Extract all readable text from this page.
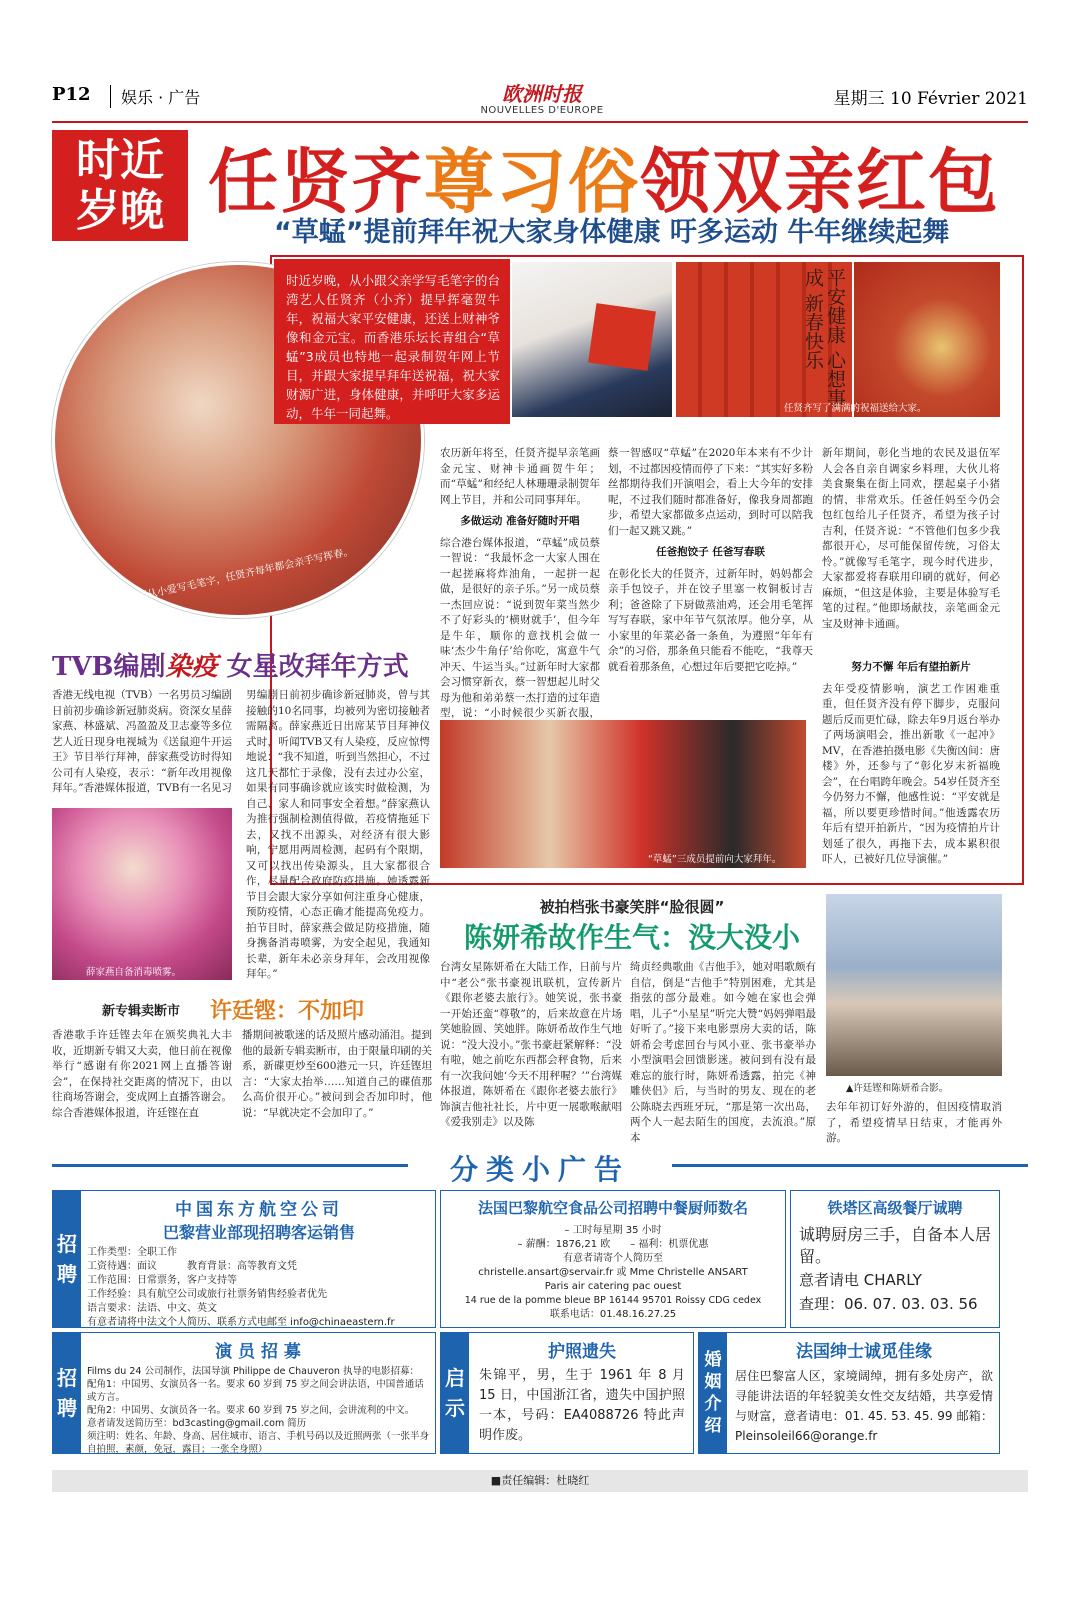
P12	娱乐 · 广告	欧洲时报
NOUVELLES D'EUROPE
星期三 10 Février 2021
时近
岁晚 任贤齐尊习俗领双亲红包
“草蜢”提前拜年祝大家身体健康 吁多运动 牛年继续起舞
因从小爱写毛笔字，任贤齐每年都会亲手写挥春。
时近岁晚，从小跟父亲学写毛笔字的台湾艺人任贤齐（小齐）提早挥毫贺牛年，祝福大家平安健康，还送上财神爷像和金元宝。而香港乐坛长青组合“草蜢”3成员也特地一起录制贺年网上节目，并跟大家提早拜年送祝福，祝大家财源广进，身体健康，并呼吁大家多运动，牛年一同起舞。
平安健康 心想事成 新春快乐
任贤齐写了满满的祝福送给大家。

农历新年将至，任贤齐提早亲笔画金元宝、财神卡通画贺牛年；而“草蜢”和经纪人林珊珊录制贺年网上节目，并和公司同事拜年。

多做运动 准备好随时开唱

综合港台媒体报道，“草蜢”成员蔡一智说：“我最怀念一大家人围在一起搓麻将炸油角，一起拼一起做，是很好的亲子乐。”另一成员蔡一杰回应说：“说到贺年菜当然少不了好彩头的‘横财就手’，但今年是牛年，顺你的意找机会做一味‘杰少牛角仔’给你吃，寓意牛气冲天、牛运当头。”过新年时大家都会习惯穿新衣，蔡一智想起儿时父母为他和弟弟蔡一杰打造的过年造型，说：“小时候很少买新衣服，

蔡一智感叹“草蜢”在2020年本来有不少计划，不过都因疫情而停了下来：“其实好多粉丝都期待我们开演唱会，看上大今年的安排呢，不过我们随时都准备好，像我身周都跑步，希望大家都做多点运动，到时可以陪我们一起又跳又跳。”

任爸抱饺子 任爸写春联

在彰化长大的任贤齐，过新年时，妈妈都会亲手包饺子，并在饺子里塞一枚铜板讨吉利；爸爸除了下厨做蒸油鸡，还会用毛笔挥写写春联，家中年节气氛浓厚。他分享，从小家里的年菜必备一条鱼，为遵照“年年有余”的习俗，那条鱼只能看不能吃，“我尊天就看着那条鱼，心想过年后要把它吃掉。”

新年期间，彰化当地的农民及退伍军人会各自亲自调家乡料理，大伙儿将美食聚集在街上同欢，摆起桌子小猪的情，非常欢乐。任爸任妈至今仍会包红包给儿子任贤齐，希望为孩子讨吉利，任贤齐说：“不管他们包多少我都很开心，尽可能保留传统，习俗太怜。”就像写毛笔字，现今时代进步，大家都爱将春联用印刷的就好，何必麻烦，“但这是体验，主要是体验写毛笔的过程。”他即场献技，亲笔画金元宝及财神卡通画。

努力不懈 年后有望拍新片

去年受疫情影响，演艺工作困难重重，但任贤齐没有停下脚步，克服问题后反而更忙碌，除去年9月返台举办了两场演唱会，推出新歌《一起冲》MV，在香港拍摄电影《失衡凶间：唐楼》外，还参与了“彰化岁末祈福晚会”，在台唱跨年晚会。54岁任贤齐至今仍努力不懈，他感性说：“平安就是福，所以要更珍惜时间。”他透露农历年后有望开拍新片，“因为疫情拍片计划延了很久，再拖下去，成本累积很吓人，已被好几位导演催。”

“草蜢”三成员提前向大家拜年。
TVB编剧染疫 女星改拜年方式

香港无线电视（TVB）一名男员习编剧日前初步确诊新冠肺炎病。资深女星薛家燕、林盛斌、冯盈盈及卫志豪等多位艺人近日现身电视城为《送鼠迎牛开运王》节目举行拜神，薛家燕受访时得知公司有人染疫，表示：“新年改用视像拜年。”香港媒体报道，TVB有一名见习

男编剧日前初步确诊新冠肺炎，曾与其接触的10名同事，均被列为密切接触者需隔离。薛家燕近日出席某节目拜神仪式时，听闻TVB又有人染疫，反应惊愕地说：“我不知道，听到当然担心，不过这几天都忙于录像，没有去过办公室，如果有同事确诊就应该实时做检测，为自己、家人和同事安全着想。”薛家燕认为推行强制检测值得做，若疫情拖延下去，又找不出源头，对经济有很大影响，宁愿用两周检测，起码有个限期，又可以找出传染源头，且大家都很合作，尽量配合政府防疫措施。她透露新节目会跟大家分享如何注重身心健康，预防疫情，心态正确才能提高免疫力。拍节目时，薛家燕会做足防疫措施，随身携备消毒喷雾，为安全起见，我通知长辈，新年未必亲身拜年，会改用视像拜年。”

薛家燕自备消毒喷雾。
新专辑卖断市 许廷铿：不加印

香港歌手许廷铿去年在颁奖典礼大丰收，近期新专辑又大卖，他日前在视像举行“感谢有你2021网上直播答谢会”，在保持社交距离的情况下，由以往商场答谢会，变成网上直播答谢会。综合香港媒体报道，许廷铿在直

播期间被歌迷的话及照片感动涌泪。提到他的最新专辑卖断市，由于限量印刷的关系，新碟更炒至600港元一只，许廷铿坦言：“大家太抬举……知道自己的碟值那么高价很开心。”被问到会否加印时，他说：“早就决定不会加印了。”

被拍档张书豪笑胖“脸很圆”
陈妍希故作生气：没大没小

台湾女星陈妍希在大陆工作，日前与片中“老公”张书豪视讯联机，宣传新片《跟你老婆去旅行》。她笑说，张书豪一开始还蛮“尊敬”的，后来故意在片场笑她脸圆、笑她胖。陈妍希故作生气地说：“没大没小。”张书豪赶紧解释：“没有啦，她之前吃东西都会秤食物，后来有一次我问她‘今天不用秤喔？’”台湾媒体报道，陈妍希在《跟你老婆去旅行》饰演吉他社社长，片中更一展歌喉献唱《爱我别走》以及陈

绮贞经典歌曲《吉他手》，她对唱歌颇有自信，倒是“吉他手”特别困难，尤其是指弦的部分最难。如今她在家也会弹唱，儿子“小星星”听完大赞“妈妈弹唱最好听了。”接下来电影票房大卖的话，陈妍希会考虑回台与风小亚、张书豪举办小型演唱会回馈影迷。被问到有没有最难忘的旅行时，陈妍希透露，拍完《神雕侠侣》后，与当时的男友、现在的老公陈晓去西班牙玩，“那是第一次出岛，两个人一起去陌生的国度，去流浪。”原本

▲许廷铿和陈妍希合影。

去年年初订好外游的，但因疫情取消了，希望疫情早日结束，才能再外游。

分类小广告
招
聘
中国东方航空公司
巴黎营业部现招聘客运销售
工作类型：全职工作
工资待遇：面议　　　教育背景：高等教育文凭
工作范围：日常票务，客户支持等
工作经验：具有航空公司或旅行社票务销售经验者优先
语言要求：法语、中文、英文
有意者请将中法文个人简历、联系方式电邮至 info@chinaeastern.fr
法国巴黎航空食品公司招聘中餐厨师数名
– 工时每星期 35 小时
– 薪酬：1876,21 欧　　– 福利：机票优惠
有意者请寄个人简历至
christelle.ansart@servair.fr 或 Mme Christelle ANSART
Paris air catering pac ouest
14 rue de la pomme bleue BP 16144 95701 Roissy CDG cedex
联系电话：01.48.16.27.25
铁塔区高级餐厅诚聘
诚聘厨房三手，自备本人居留。
意者请电 CHARLY
查理：06. 07. 03. 03. 56
招
聘
演 员 招 募
Films du 24 公司制作，法国导演 Philippe de Chauveron 执导的电影招募：
配角1：中国男、女演员各一名。要求 60 岁到 75 岁之间会讲法语，中国普通话或方言。
配角2：中国男、女演员各一名。要求 60 岁到 75 岁之间，会讲流利的中文。
意者请发送简历至：bd3casting@gmail.com 简历
须注明：姓名、年龄、身高、居住城市、语言、手机号码以及近照两张（一张半身自拍照，素颜，免冠，露目；一张全身照）
启
示
护照遗失
朱锦平，男，生于 1961 年 8 月 15 日，中国浙江省，遗失中国护照一本，号码：EA4088726 特此声明作废。
婚
姻
介
绍
法国绅士诚觅佳缘
居住巴黎富人区，家境阔绰，拥有多处房产，欲寻能讲法语的年轻貌美女性交友结婚，共享爱情与财富，意者请电：01. 45. 53. 45. 99 邮箱：Pleinsoleil66@orange.fr
■责任编辑：杜晓红
